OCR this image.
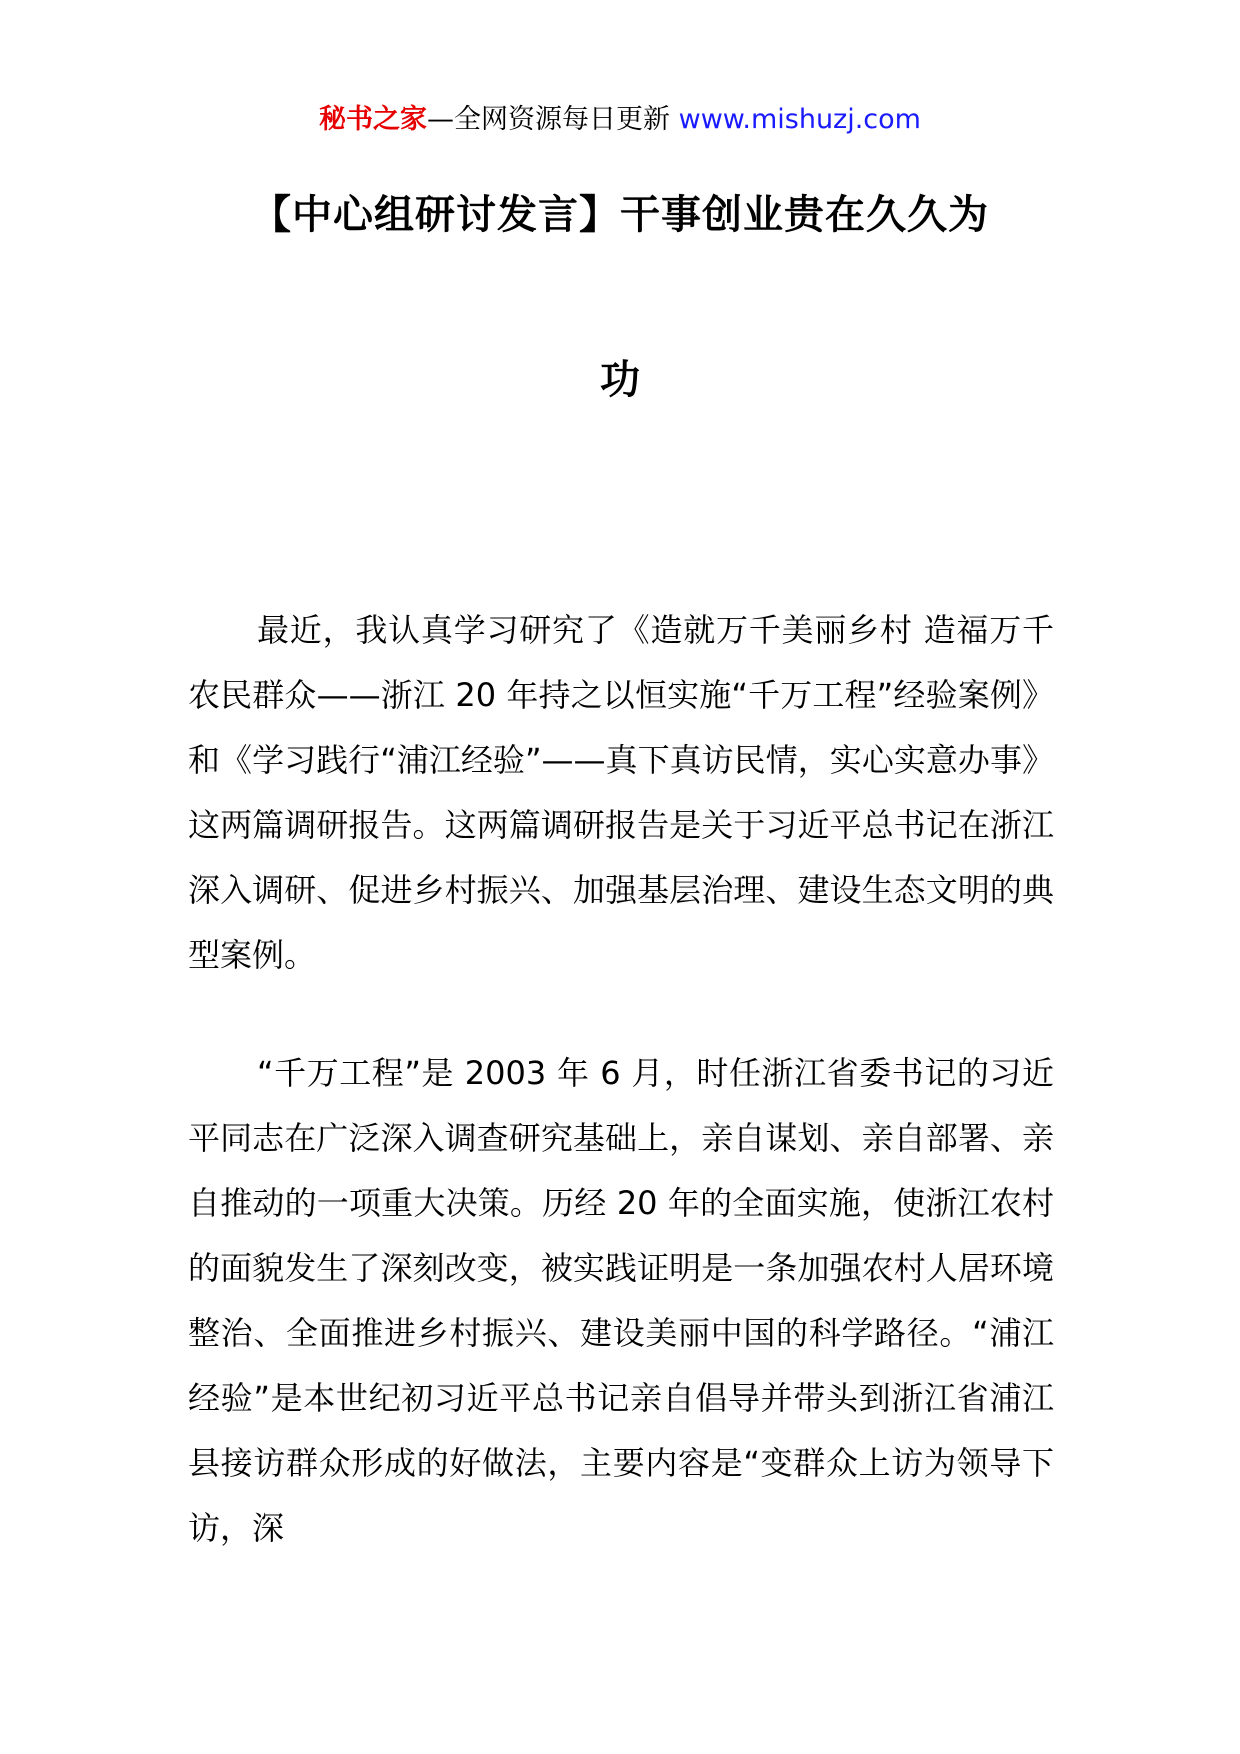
秘书之家—全网资源每日更新 www.mishuzj.com
【中心组研讨发言】干事创业贵在久久为
功

最近，我认真学习研究了《造就万千美丽乡村 造福万千农民群众——浙江 20 年持之以恒实施“千万工程”经验案例》和《学习践行“浦江经验”——真下真访民情，实心实意办事》这两篇调研报告。这两篇调研报告是关于习近平总书记在浙江深入调研、促进乡村振兴、加强基层治理、建设生态文明的典型案例。

“千万工程”是 2003 年 6 月，时任浙江省委书记的习近平同志在广泛深入调查研究基础上，亲自谋划、亲自部署、亲自推动的一项重大决策。历经 20 年的全面实施，使浙江农村的面貌发生了深刻改变，被实践证明是一条加强农村人居环境整治、全面推进乡村振兴、建设美丽中国的科学路径。“浦江经验”是本世纪初习近平总书记亲自倡导并带头到浙江省浦江县接访群众形成的好做法，主要内容是“变群众上访为领导下访，深
